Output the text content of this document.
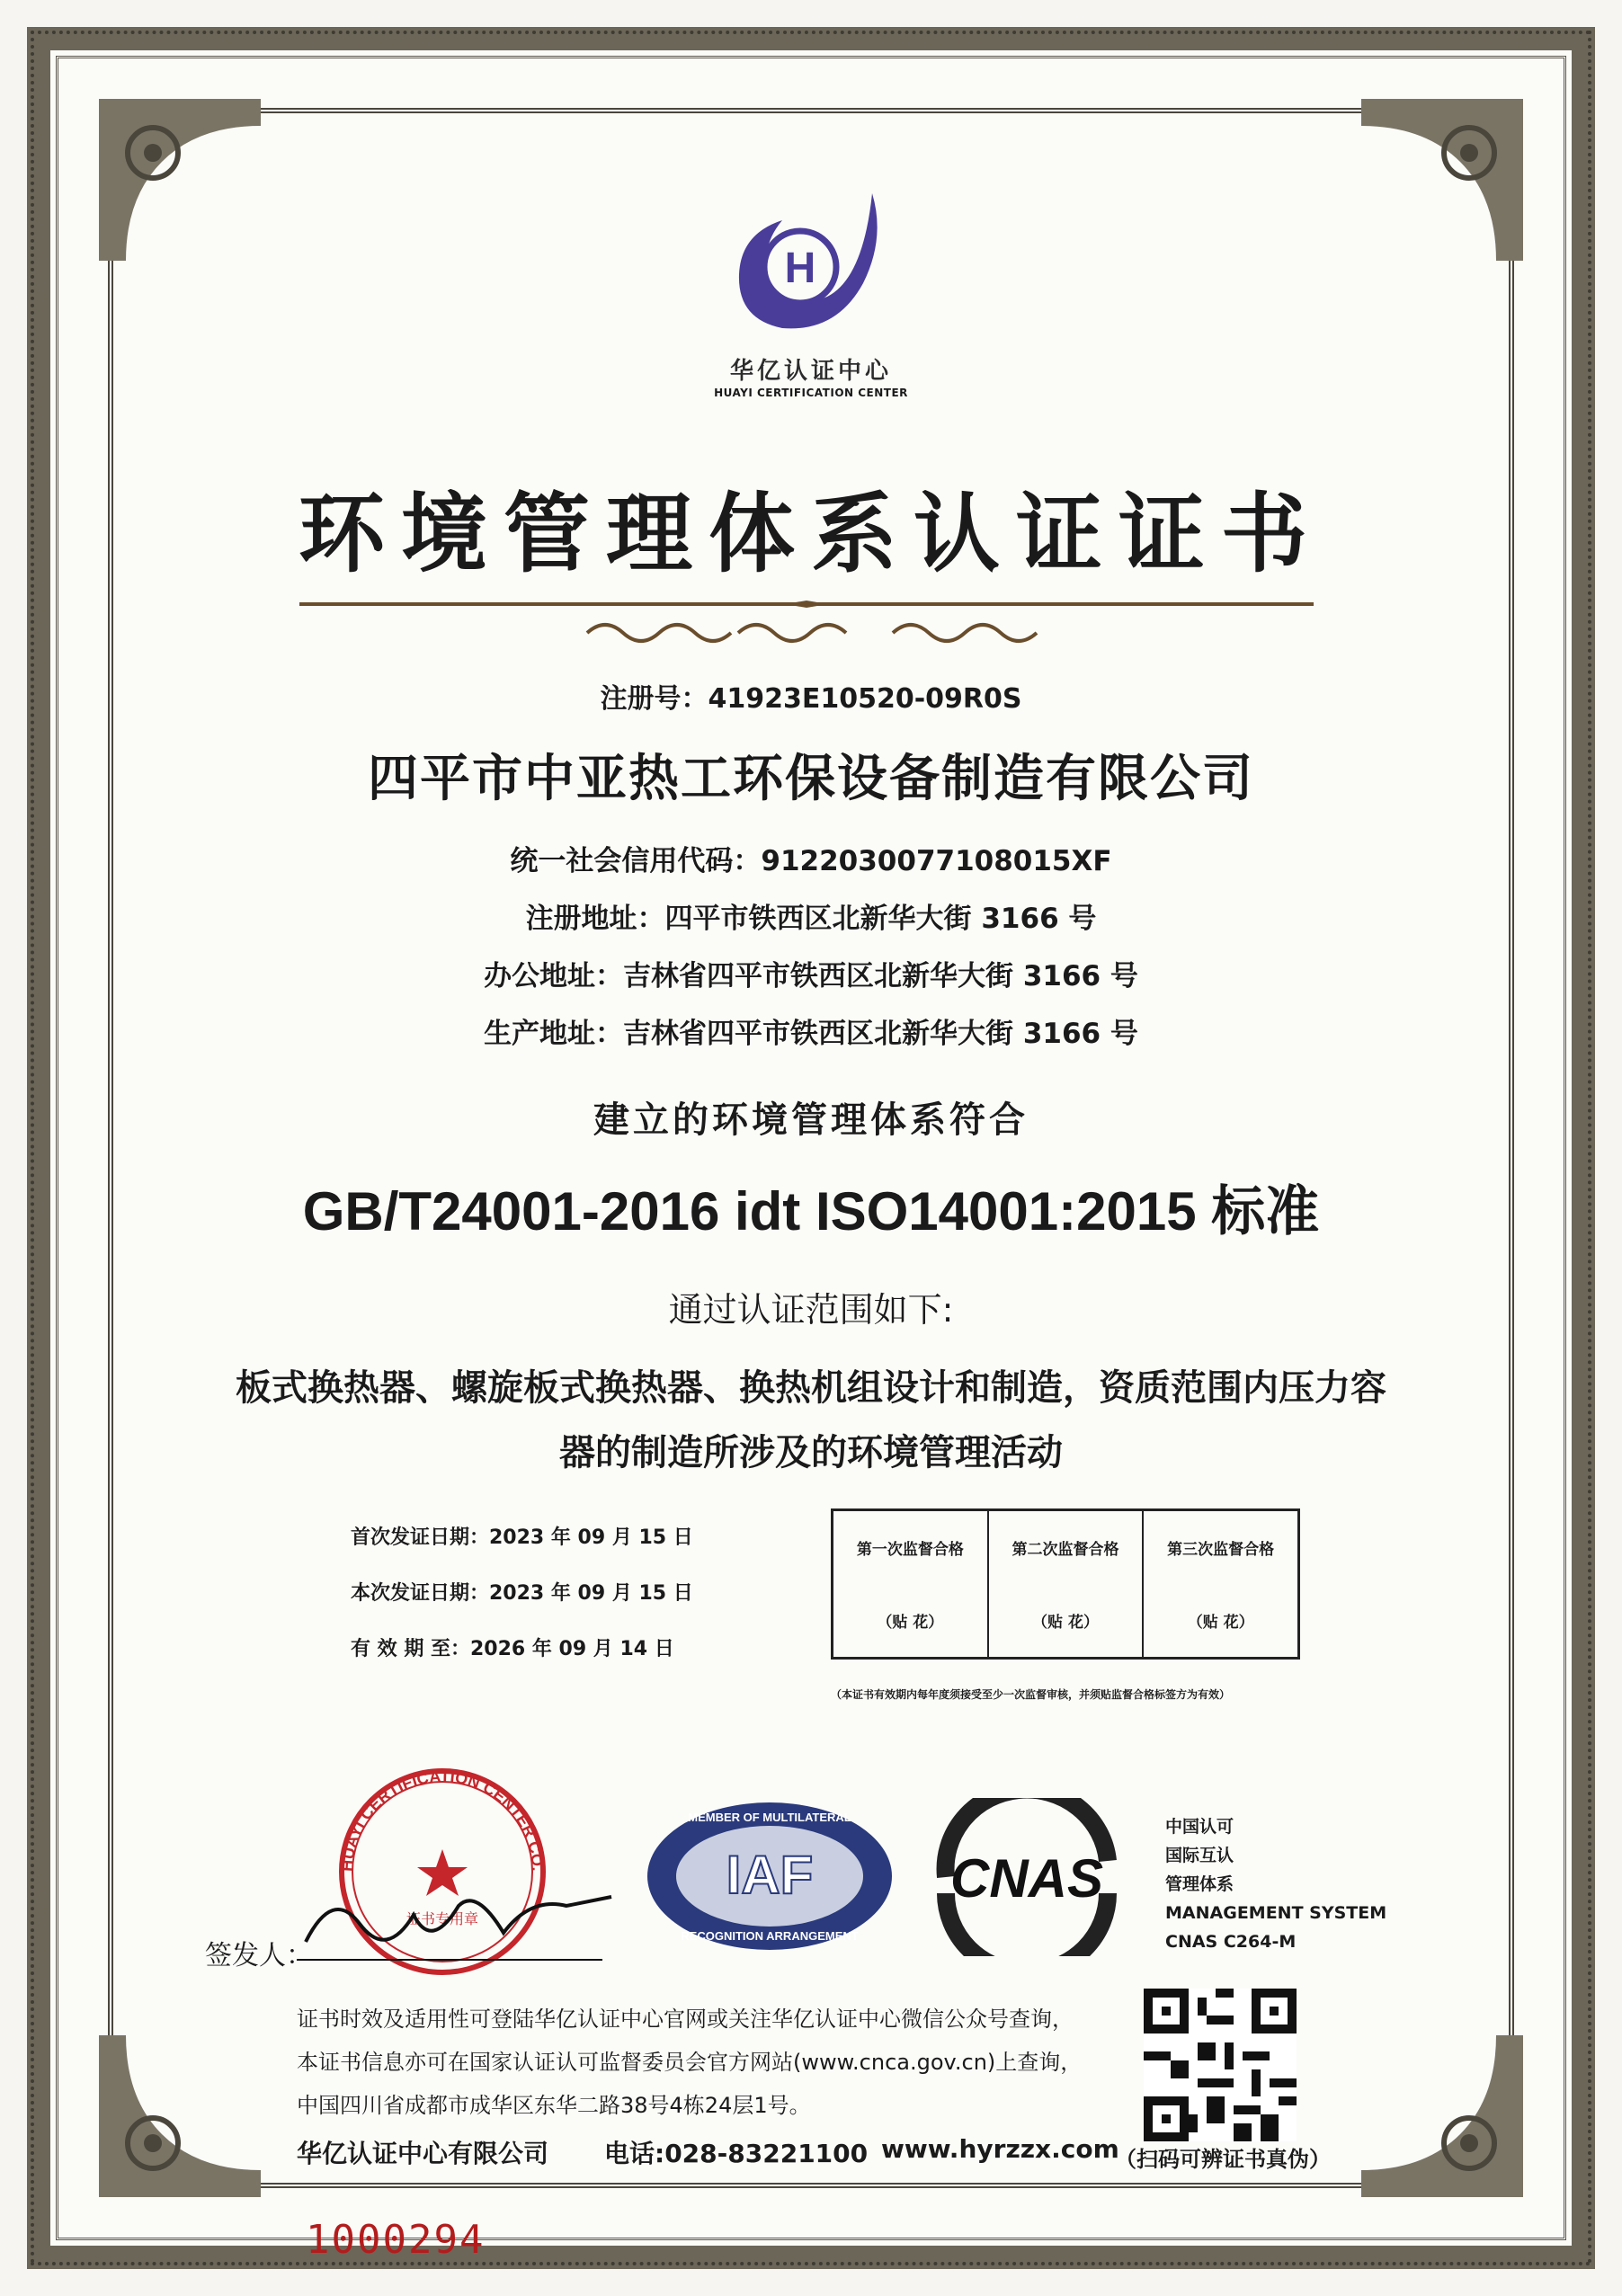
H
华亿认证中心
HUAYI CERTIFICATION CENTER
环境管理体系认证证书
注册号：41923E10520-09R0S
四平市中亚热工环保设备制造有限公司
统一社会信用代码：9122030077108015XF
注册地址：四平市铁西区北新华大街 3166 号
办公地址：吉林省四平市铁西区北新华大街 3166 号
生产地址：吉林省四平市铁西区北新华大街 3166 号
建立的环境管理体系符合
GB/T24001-2016 idt ISO14001:2015 标准
通过认证范围如下:
板式换热器、螺旋板式换热器、换热机组设计和制造，资质范围内压力容
器的制造所涉及的环境管理活动
首次发证日期：2023 年 09 月 15 日
本次发证日期：2023 年 09 月 15 日
有 效 期 至：2026 年 09 月 14 日
第一次监督合格
（贴 花）
第二次监督合格
（贴 花）
第三次监督合格
（贴 花）
（本证书有效期内每年度须接受至少一次监督审核，并须贴监督合格标签方为有效）
HUAYI CERTIFICATION CENTER CO.
证书专用章
签发人：
IAF
MEMBER OF MULTILATERAL
RECOGNITION ARRANGEMENT
CNAS
中国认可
国际互认
管理体系
MANAGEMENT SYSTEM
CNAS C264-M
证书时效及适用性可登陆华亿认证中心官网或关注华亿认证中心微信公众号查询，
本证书信息亦可在国家认证认可监督委员会官方网站(www.cnca.gov.cn)上查询，
中国四川省成都市成华区东华二路38号4栋24层1号。
华亿认证中心有限公司 电话:028-83221100 www.hyrzzx.com
（扫码可辨证书真伪）
1000294
